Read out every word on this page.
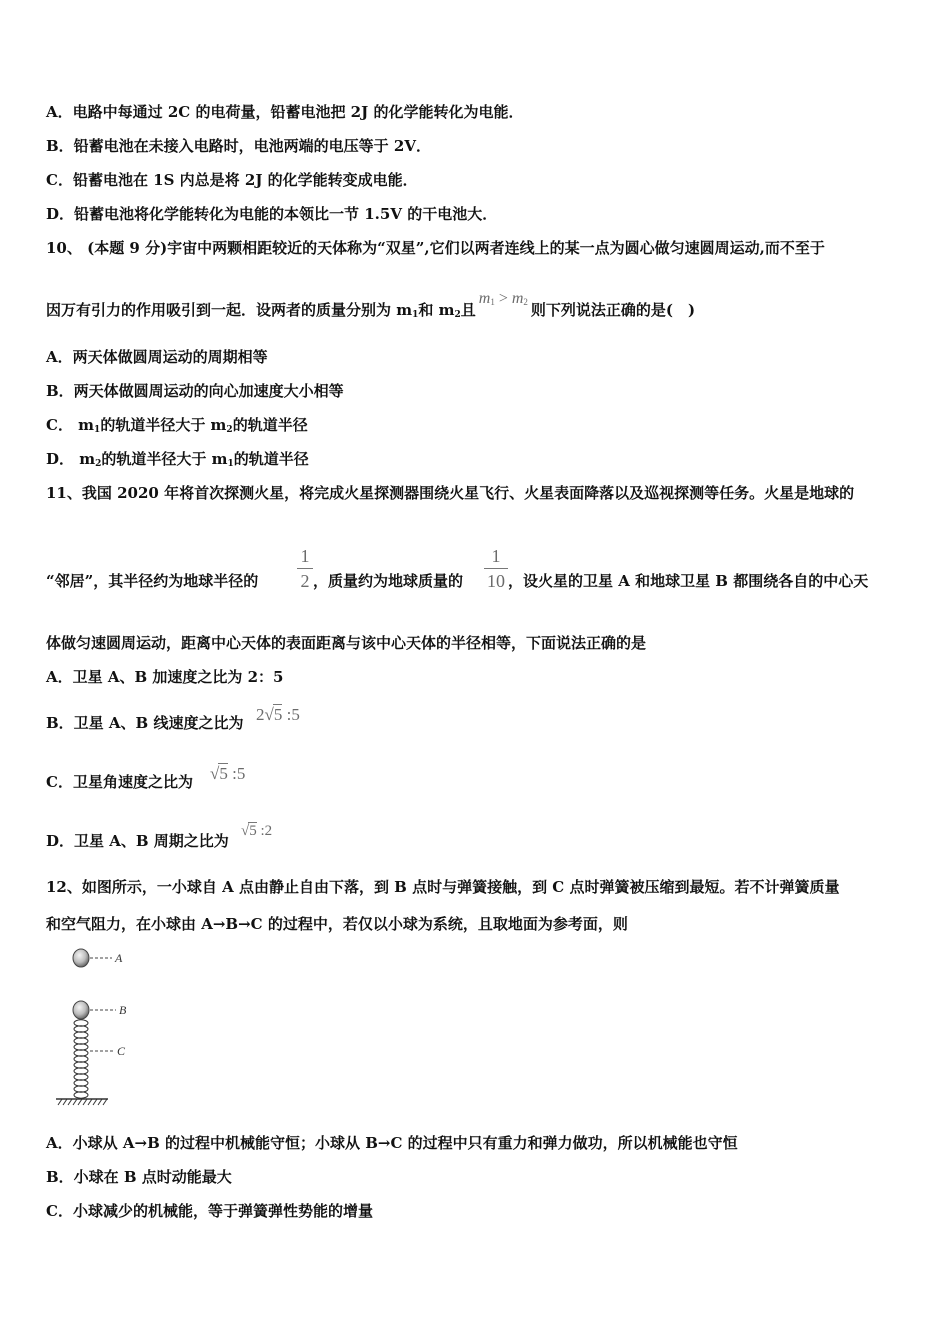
A．电路中每通过 2C 的电荷量，铅蓄电池把 2J 的化学能转化为电能．
B．铅蓄电池在未接入电路时，电池两端的电压等于 2V．
C．铅蓄电池在 1S 内总是将 2J 的化学能转变成电能．
D．铅蓄电池将化学能转化为电能的本领比一节 1.5V 的干电池大．
10、 (本题 9 分)宇宙中两颗相距较近的天体称为“双星”,它们以两者连线上的某一点为圆心做匀速圆周运动,而不至于
因万有引力的作用吸引到一起．设两者的质量分别为 $m_1$和 $m_2$且$m_1 > m_2$ 则下列说法正确的是(　)
A．两天体做圆周运动的周期相等
B．两天体做圆周运动的向心加速度大小相等
C． $m_1$的轨道半径大于 $m_2$的轨道半径
D． $m_2$的轨道半径大于 $m_1$的轨道半径
11、我国 2020 年将首次探测火星，将完成火星探测器围绕火星飞行、火星表面降落以及巡视探测等任务。火星是地球的
“邻居”，其半径约为地球半径的
1
2 ，质量约为地球质量的
1
10 ，设火星的卫星 A 和地球卫星 B 都围绕各自的中心天
体做匀速圆周运动，距离中心天体的表面距离与该中心天体的半径相等，下面说法正确的是
A．卫星 A、B 加速度之比为 2：5
B．卫星 A、B 线速度之比为 2√5 :5
C．卫星角速度之比为 √5 :5
D．卫星 A、B 周期之比为
√5 :2
12、如图所示，一小球自 A 点由静止自由下落，到 B 点时与弹簧接触，到 C 点时弹簧被压缩到最短。若不计弹簧质量
和空气阻力，在小球由 A→B→C 的过程中，若仅以小球为系统，且取地面为参考面，则
A
B
C
A．小球从 A→B 的过程中机械能守恒；小球从 B→C 的过程中只有重力和弹力做功，所以机械能也守恒
B．小球在 B 点时动能最大
C．小球减少的机械能，等于弹簧弹性势能的增量
